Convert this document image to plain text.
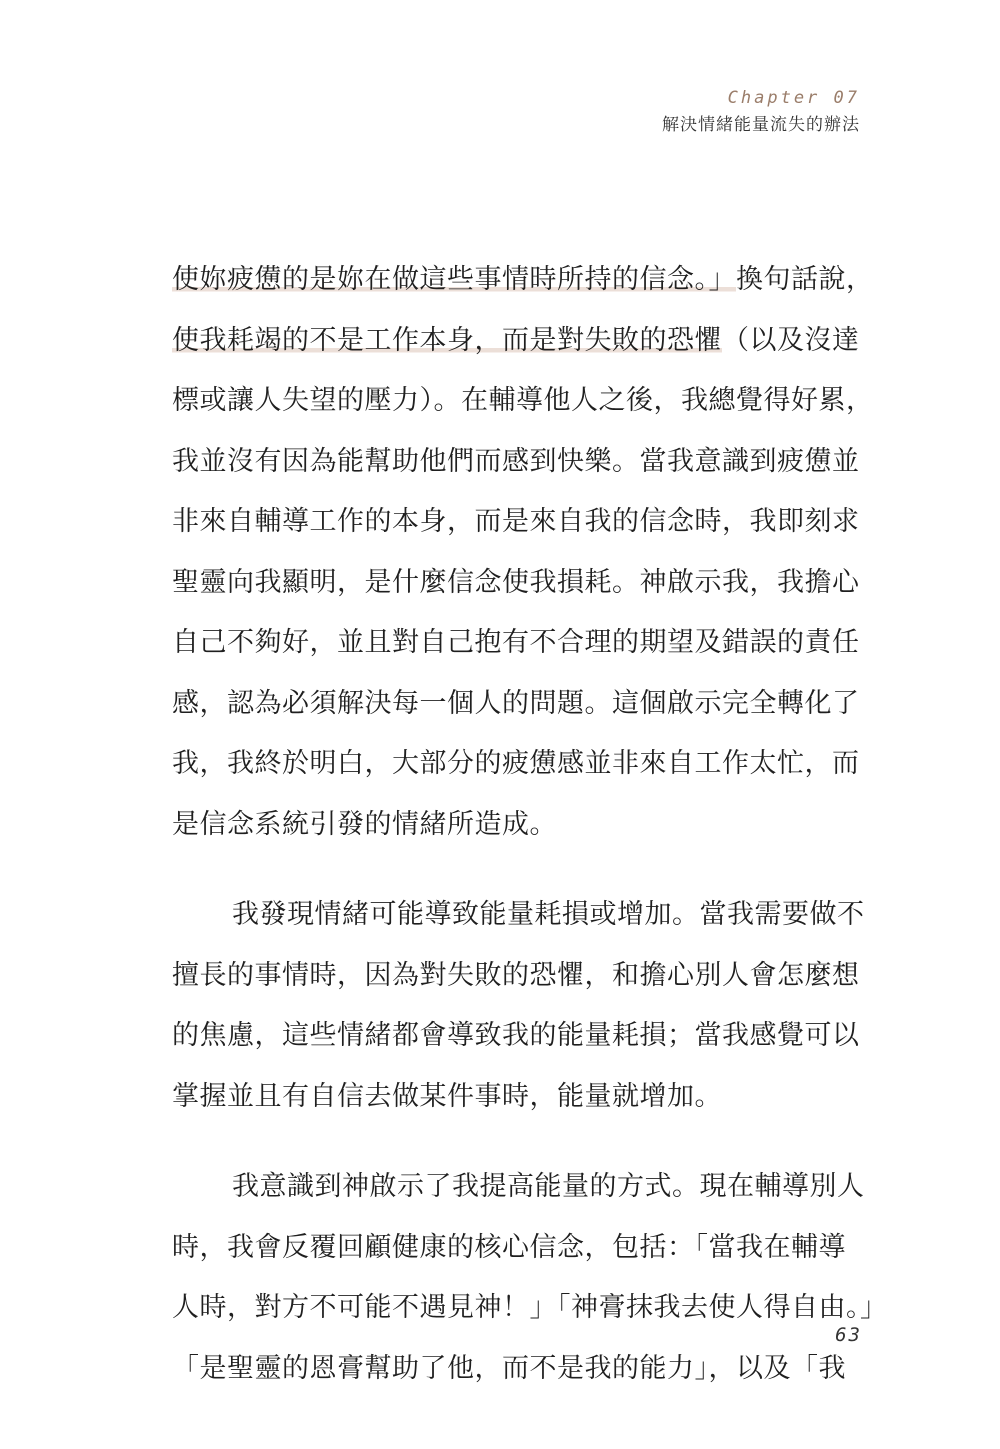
Chapter 07
解決情緒能量流失的辦法
使妳疲憊的是妳在做這些事情時所持的信念。」換句話說，
使我耗竭的不是工作本身，而是對失敗的恐懼（以及沒達
標或讓人失望的壓力）。在輔導他人之後，我總覺得好累，
我並沒有因為能幫助他們而感到快樂。當我意識到疲憊並
非來自輔導工作的本身，而是來自我的信念時，我即刻求
聖靈向我顯明，是什麼信念使我損耗。神啟示我，我擔心
自己不夠好，並且對自己抱有不合理的期望及錯誤的責任
感，認為必須解決每一個人的問題。這個啟示完全轉化了
我，我終於明白，大部分的疲憊感並非來自工作太忙，而
是信念系統引發的情緒所造成。
我發現情緒可能導致能量耗損或增加。當我需要做不
擅長的事情時，因為對失敗的恐懼，和擔心別人會怎麼想
的焦慮，這些情緒都會導致我的能量耗損；當我感覺可以
掌握並且有自信去做某件事時，能量就增加。
我意識到神啟示了我提高能量的方式。現在輔導別人
時，我會反覆回顧健康的核心信念，包括：「當我在輔導
人時，對方不可能不遇見神！」「神膏抹我去使人得自由。」
「是聖靈的恩膏幫助了他，而不是我的能力」，以及「我
63
